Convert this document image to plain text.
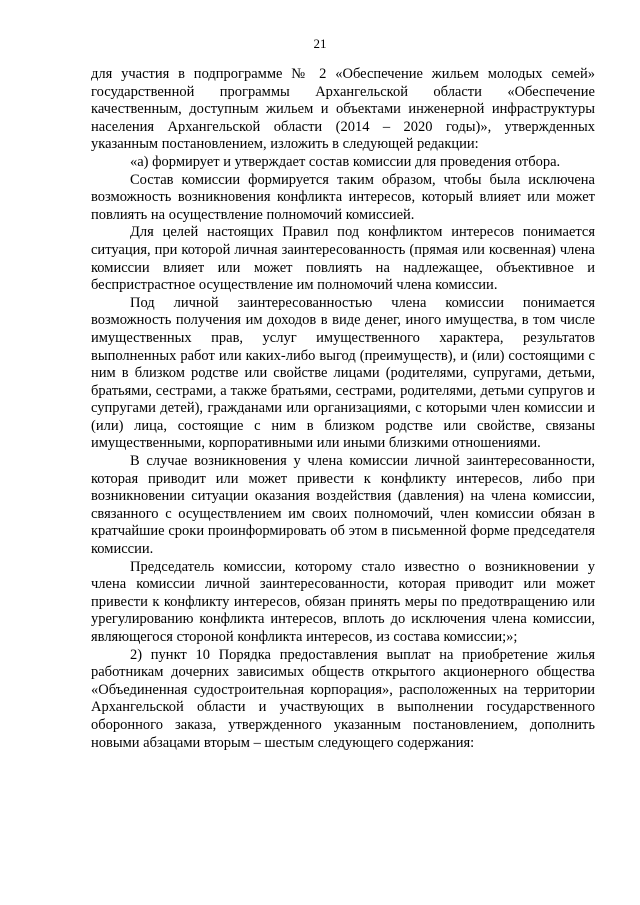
21

для участия в подпрограмме № 2 «Обеспечение жильем молодых семей» государственной программы Архангельской области «Обеспечение качественным, доступным жильем и объектами инженерной инфраструктуры населения Архангельской области (2014 – 2020 годы)», утвержденных указанным постановлением, изложить в следующей редакции:

«а) формирует и утверждает состав комиссии для проведения отбора.

Состав комиссии формируется таким образом, чтобы была исключена возможность возникновения конфликта интересов, который влияет или может повлиять на осуществление полномочий комиссией.

Для целей настоящих Правил под конфликтом интересов понимается ситуация, при которой личная заинтересованность (прямая или косвенная) члена комиссии влияет или может повлиять на надлежащее, объективное и беспристрастное осуществление им полномочий члена комиссии.

Под личной заинтересованностью члена комиссии понимается возможность получения им доходов в виде денег, иного имущества, в том числе имущественных прав, услуг имущественного характера, результатов выполненных работ или каких-либо выгод (преимуществ), и (или) состоящими с ним в близком родстве или свойстве лицами (родителями, супругами, детьми, братьями, сестрами, а также братьями, сестрами, родителями, детьми супругов и супругами детей), гражданами или организациями, с которыми член комиссии и (или) лица, состоящие с ним в близком родстве или свойстве, связаны имущественными, корпоративными или иными близкими отношениями.

В случае возникновения у члена комиссии личной заинтересованности, которая приводит или может привести к конфликту интересов, либо при возникновении ситуации оказания воздействия (давления) на члена комиссии, связанного с осуществлением им своих полномочий, член комиссии обязан в кратчайшие сроки проинформировать об этом в письменной форме председателя комиссии.

Председатель комиссии, которому стало известно о возникновении у члена комиссии личной заинтересованности, которая приводит или может привести к конфликту интересов, обязан принять меры по предотвращению или урегулированию конфликта интересов, вплоть до исключения члена комиссии, являющегося стороной конфликта интересов, из состава комиссии;»;

2) пункт 10 Порядка предоставления выплат на приобретение жилья работникам дочерних зависимых обществ открытого акционерного общества «Объединенная судостроительная корпорация», расположенных на территории Архангельской области и участвующих в выполнении государственного оборонного заказа, утвержденного указанным постановлением, дополнить новыми абзацами вторым – шестым следующего содержания:
